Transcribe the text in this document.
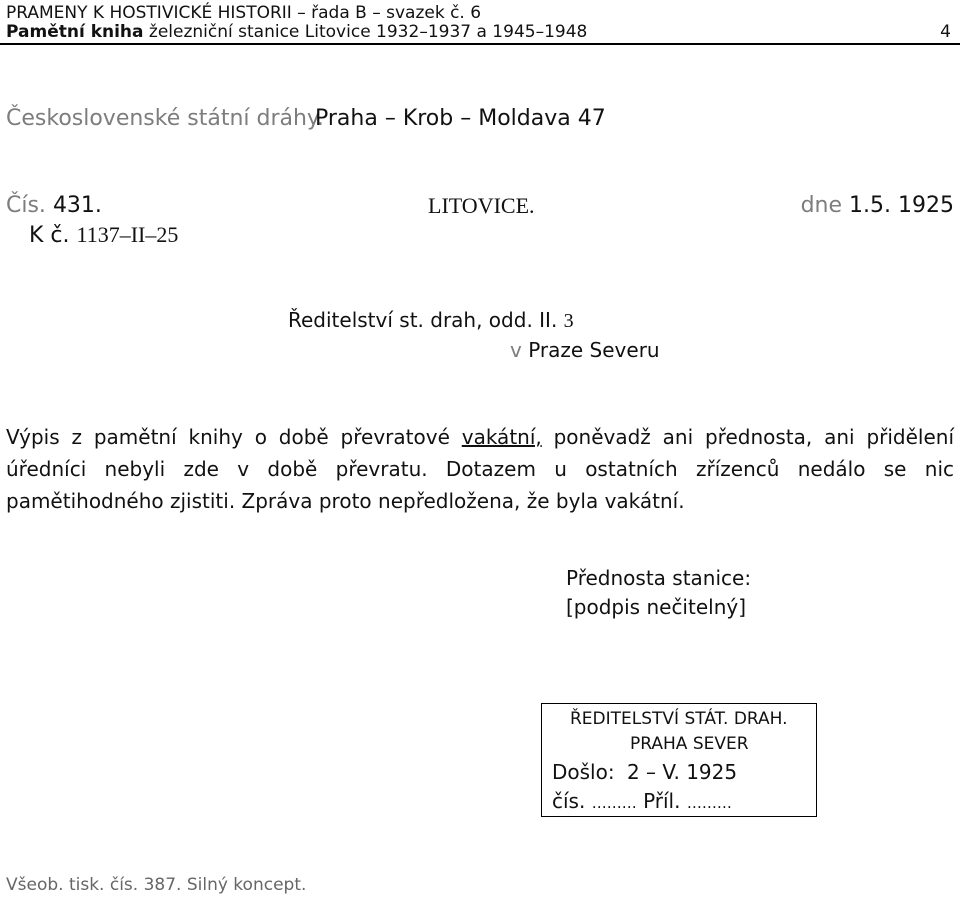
PRAMENY K HOSTIVICKÉ HISTORII – řada B – svazek č. 6
Pamětní kniha železniční stanice Litovice 1932–1937 a 1945–1948	4
Československé státní dráhy.
Praha – Krob – Moldava 47
Čís. 431.	LITOVICE.	dne 1.5. 1925
K č. 1137–II–25
Ředitelství st. drah, odd. II. 3
v Praze Severu
Výpis z pamětní knihy o době převratové vakátní, poněvadž ani přednosta, ani přidělení
úředníci nebyli zde v době převratu. Dotazem u ostatních zřízenců nedálo se nic
pamětihodného zjistiti. Zpráva proto nepředložena, že byla vakátní.
Přednosta stanice:
[podpis nečitelný]
ŘEDITELSTVÍ STÁT. DRAH.
PRAHA SEVER
Došlo: 2 – V. 1925
čís. ……… Příl. ………
Všeob. tisk. čís. 387. Silný koncept.
